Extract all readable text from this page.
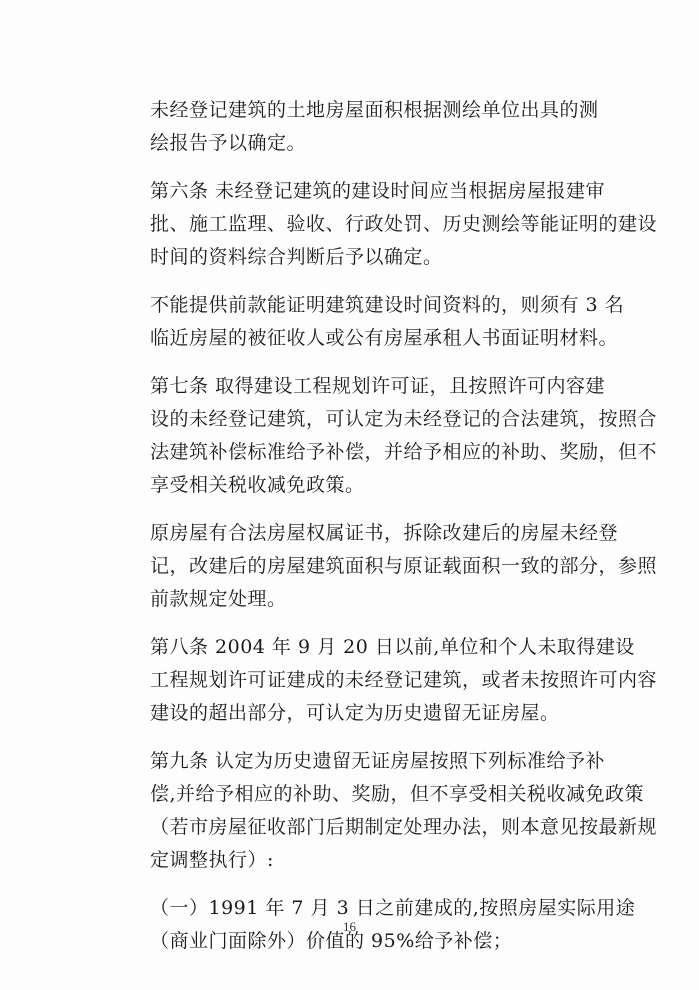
未经登记建筑的土地房屋面积根据测绘单位出具的测
绘报告予以确定。

第六条 未经登记建筑的建设时间应当根据房屋报建审
批、施工监理、验收、行政处罚、历史测绘等能证明的建设
时间的资料综合判断后予以确定。

不能提供前款能证明建筑建设时间资料的，则须有 3 名
临近房屋的被征收人或公有房屋承租人书面证明材料。

第七条 取得建设工程规划许可证，且按照许可内容建
设的未经登记建筑，可认定为未经登记的合法建筑，按照合
法建筑补偿标准给予补偿，并给予相应的补助、奖励，但不
享受相关税收减免政策。

原房屋有合法房屋权属证书，拆除改建后的房屋未经登
记，改建后的房屋建筑面积与原证载面积一致的部分，参照
前款规定处理。

第八条 2004 年 9 月 20 日以前,单位和个人未取得建设
工程规划许可证建成的未经登记建筑，或者未按照许可内容
建设的超出部分，可认定为历史遗留无证房屋。

第九条 认定为历史遗留无证房屋按照下列标准给予补
偿,并给予相应的补助、奖励，但不享受相关税收减免政策
（若市房屋征收部门后期制定处理办法，则本意见按最新规
定调整执行）:

（一）1991 年 7 月 3 日之前建成的,按照房屋实际用途
（商业门面除外）价值的 95%给予补偿；

16
